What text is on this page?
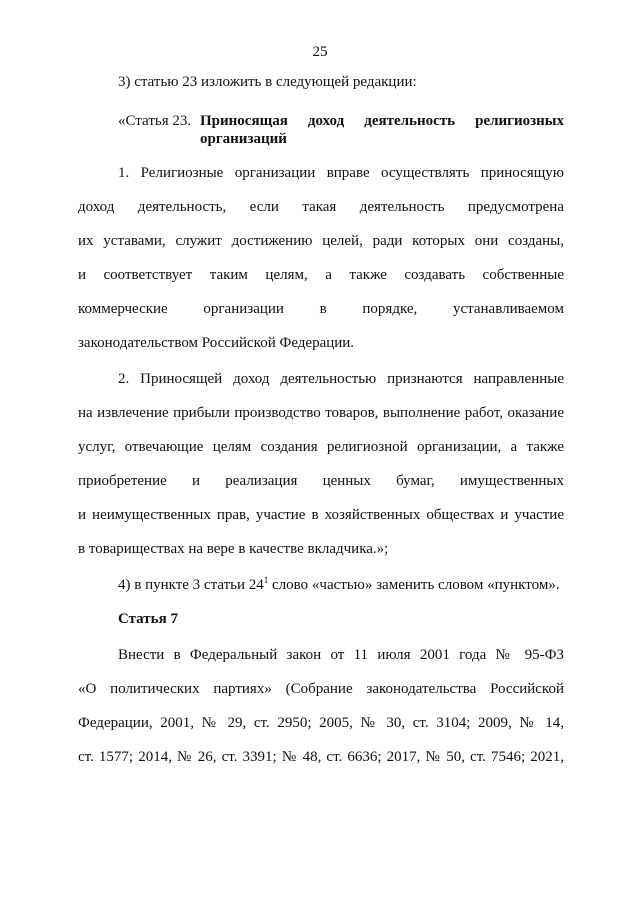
25
3) статью 23 изложить в следующей редакции:
«Статья 23. Приносящая доход деятельность религиозных
организаций
1. Религиозные организации вправе осуществлять приносящую
доход деятельность, если такая деятельность предусмотрена
их уставами, служит достижению целей, ради которых они созданы,
и соответствует таким целям, а также создавать собственные
коммерческие организации в порядке, устанавливаемом
законодательством Российской Федерации.
2. Приносящей доход деятельностью признаются направленные
на извлечение прибыли производство товаров, выполнение работ, оказание
услуг, отвечающие целям создания религиозной организации, а также
приобретение и реализация ценных бумаг, имущественных
и неимущественных прав, участие в хозяйственных обществах и участие
в товариществах на вере в качестве вкладчика.»;
4) в пункте 3 статьи $24^1$ слово «частью» заменить словом «пунктом».
Статья 7
Внести в Федеральный закон от 11 июля 2001 года № 95-ФЗ
«О политических партиях» (Собрание законодательства Российской
Федерации, 2001, № 29, ст. 2950; 2005, № 30, ст. 3104; 2009, № 14,
ст. 1577; 2014, № 26, ст. 3391; № 48, ст. 6636; 2017, № 50, ст. 7546; 2021,
